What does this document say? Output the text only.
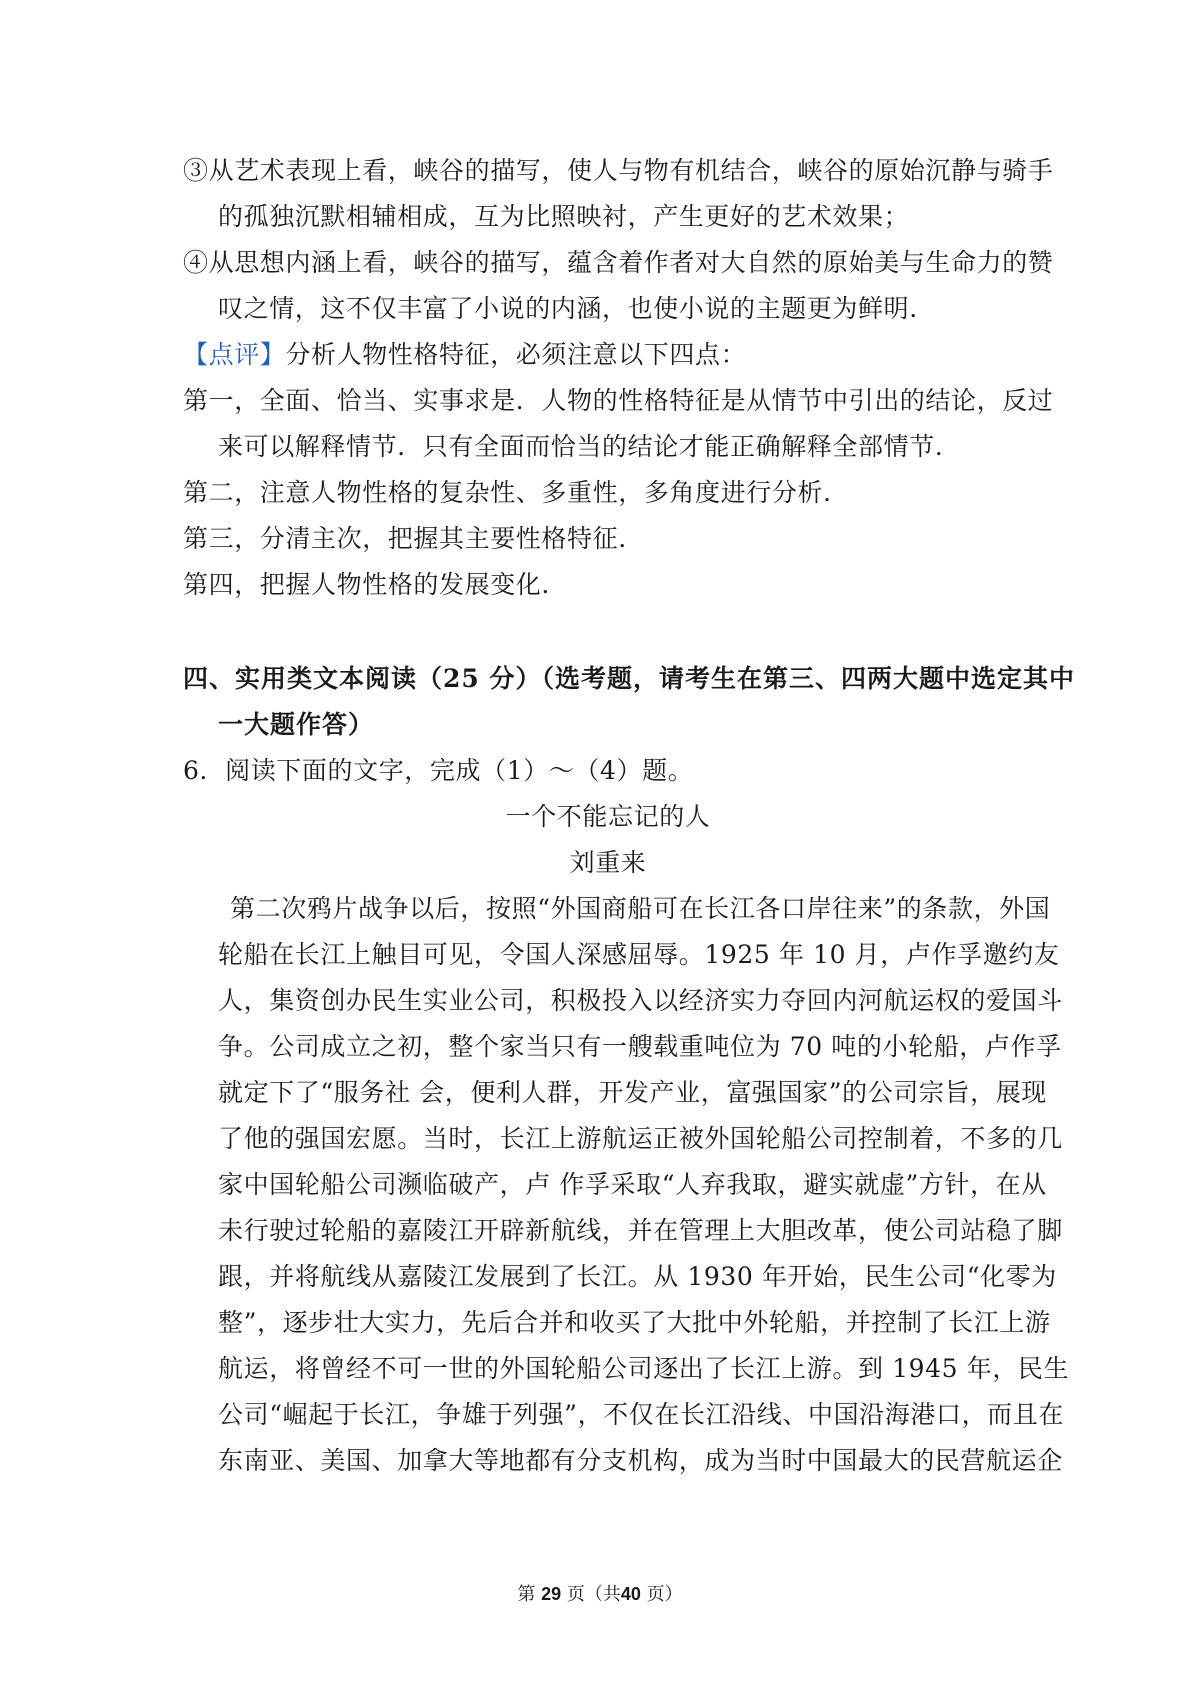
③从艺术表现上看，峡谷的描写，使人与物有机结合，峡谷的原始沉静与骑手
的孤独沉默相辅相成，互为比照映衬，产生更好的艺术效果；
④从思想内涵上看，峡谷的描写，蕴含着作者对大自然的原始美与生命力的赞
叹之情，这不仅丰富了小说的内涵，也使小说的主题更为鲜明.
【点评】分析人物性格特征，必须注意以下四点：
第一，全面、恰当、实事求是．人物的性格特征是从情节中引出的结论，反过
来可以解释情节．只有全面而恰当的结论才能正确解释全部情节.
第二，注意人物性格的复杂性、多重性，多角度进行分析.
第三，分清主次，把握其主要性格特征.
第四，把握人物性格的发展变化.
四、实用类文本阅读（25 分）（选考题，请考生在第三、四两大题中选定其中
一大题作答）
6．阅读下面的文字，完成（1）～（4）题。
一个不能忘记的人
刘重来
第二次鸦片战争以后，按照“外国商船可在长江各口岸往来”的条款，外国
轮船在长江上触目可见，令国人深感屈辱。1925 年 10 月，卢作孚邀约友
人，集资创办民生实业公司，积极投入以经济实力夺回内河航运权的爱国斗
争。公司成立之初，整个家当只有一艘载重吨位为 70 吨的小轮船，卢作孚
就定下了“服务社 会，便利人群，开发产业，富强国家”的公司宗旨，展现
了他的强国宏愿。当时，长江上游航运正被外国轮船公司控制着，不多的几
家中国轮船公司濒临破产，卢 作孚采取“人弃我取，避实就虚”方针，在从
未行驶过轮船的嘉陵江开辟新航线，并在管理上大胆改革，使公司站稳了脚
跟，并将航线从嘉陵江发展到了长江。从 1930 年开始，民生公司“化零为
整”，逐步壮大实力，先后合并和收买了大批中外轮船，并控制了长江上游
航运，将曾经不可一世的外国轮船公司逐出了长江上游。到 1945 年，民生
公司“崛起于长江，争雄于列强”，不仅在长江沿线、中国沿海港口，而且在
东南亚、美国、加拿大等地都有分支机构，成为当时中国最大的民营航运企
第 29 页（共40 页）
